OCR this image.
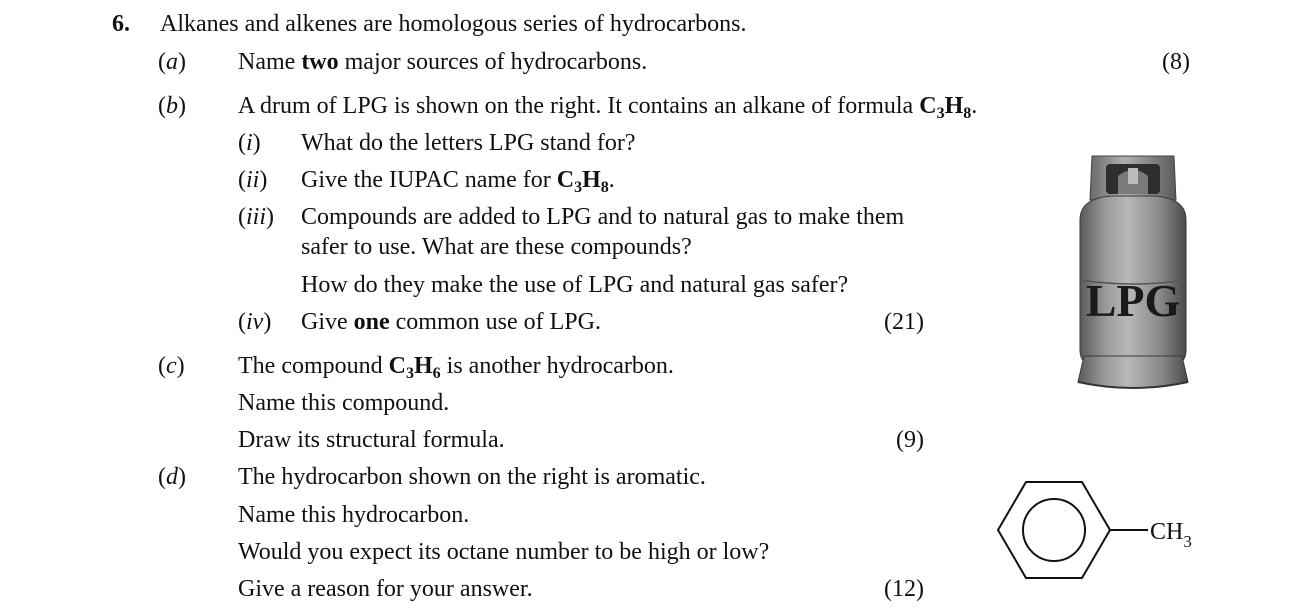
6. Alkanes and alkenes are homologous series of hydrocarbons.
(a) Name two major sources of hydrocarbons.	(8)
(b) A drum of LPG is shown on the right. It contains an alkane of formula $C_3H_8$.
(i) What do the letters LPG stand for?
(ii) Give the IUPAC name for $C_3H_8$.
(iii) Compounds are added to LPG and to natural gas to make them
safer to use. What are these compounds?
How do they make the use of LPG and natural gas safer?
(iv) Give one common use of LPG.	(21)	LPG
(c) The compound $C_3H_6$ is another hydrocarbon.
Name this compound.
Draw its structural formula.	(9)
(d) The hydrocarbon shown on the right is aromatic.
Name this hydrocarbon.
Would you expect its octane number to be high or low?
Give a reason for your answer.	(12)
$CH_3$
